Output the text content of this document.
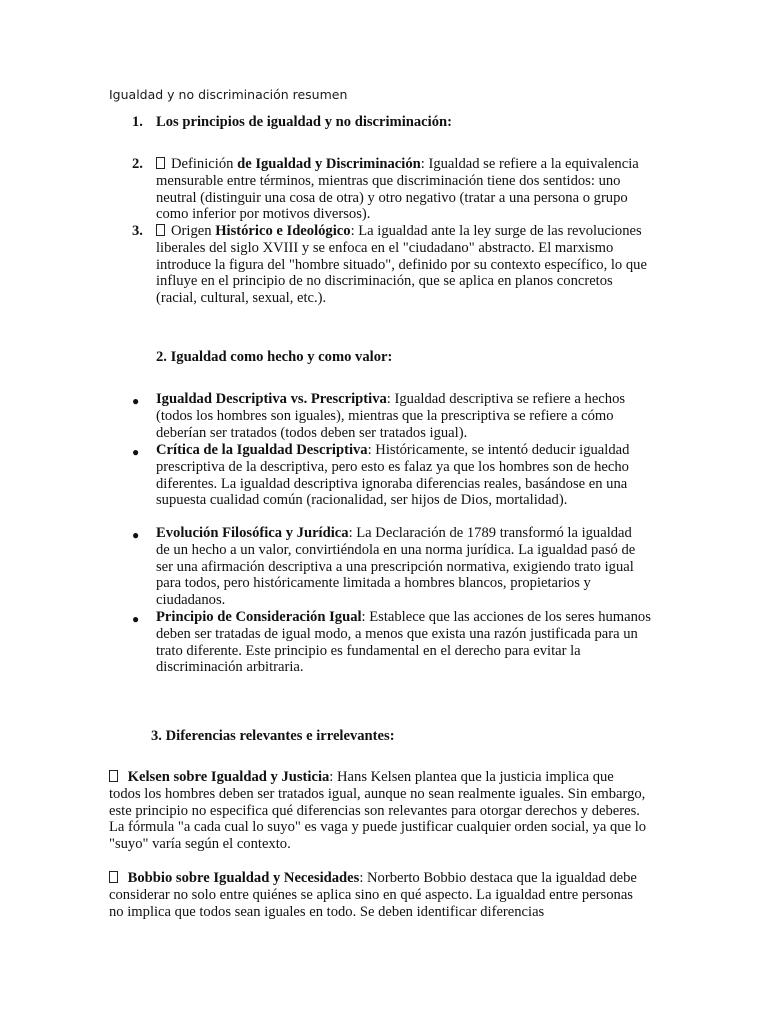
Igualdad y no discriminación resumen
1. Los principios de igualdad y no discriminación:
2.	Definición de Igualdad y Discriminación: Igualdad se refiere a la equivalencia mensurable entre términos, mientras que discriminación tiene dos sentidos: uno neutral (distinguir una cosa de otra) y otro negativo (tratar a una persona o grupo como inferior por motivos diversos).
3.	Origen Histórico e Ideológico: La igualdad ante la ley surge de las revoluciones liberales del siglo XVIII y se enfoca en el "ciudadano" abstracto. El marxismo introduce la figura del "hombre situado", definido por su contexto específico, lo que influye en el principio de no discriminación, que se aplica en planos concretos (racial, cultural, sexual, etc.).
2. Igualdad como hecho y como valor:
● Igualdad Descriptiva vs. Prescriptiva: Igualdad descriptiva se refiere a hechos (todos los hombres son iguales), mientras que la prescriptiva se refiere a cómo deberían ser tratados (todos deben ser tratados igual).
● Crítica de la Igualdad Descriptiva: Históricamente, se intentó deducir igualdad prescriptiva de la descriptiva, pero esto es falaz ya que los hombres son de hecho diferentes. La igualdad descriptiva ignoraba diferencias reales, basándose en una supuesta cualidad común (racionalidad, ser hijos de Dios, mortalidad).
● Evolución Filosófica y Jurídica: La Declaración de 1789 transformó la igualdad de un hecho a un valor, convirtiéndola en una norma jurídica. La igualdad pasó de ser una afirmación descriptiva a una prescripción normativa, exigiendo trato igual para todos, pero históricamente limitada a hombres blancos, propietarios y ciudadanos.
● Principio de Consideración Igual: Establece que las acciones de los seres humanos deben ser tratadas de igual modo, a menos que exista una razón justificada para un trato diferente. Este principio es fundamental en el derecho para evitar la discriminación arbitraria.
3. Diferencias relevantes e irrelevantes:
Kelsen sobre Igualdad y Justicia: Hans Kelsen plantea que la justicia implica que todos los hombres deben ser tratados igual, aunque no sean realmente iguales. Sin embargo, este principio no especifica qué diferencias son relevantes para otorgar derechos y deberes. La fórmula "a cada cual lo suyo" es vaga y puede justificar cualquier orden social, ya que lo "suyo" varía según el contexto.
Bobbio sobre Igualdad y Necesidades: Norberto Bobbio destaca que la igualdad debe considerar no solo entre quiénes se aplica sino en qué aspecto. La igualdad entre personas no implica que todos sean iguales en todo. Se deben identificar diferencias
